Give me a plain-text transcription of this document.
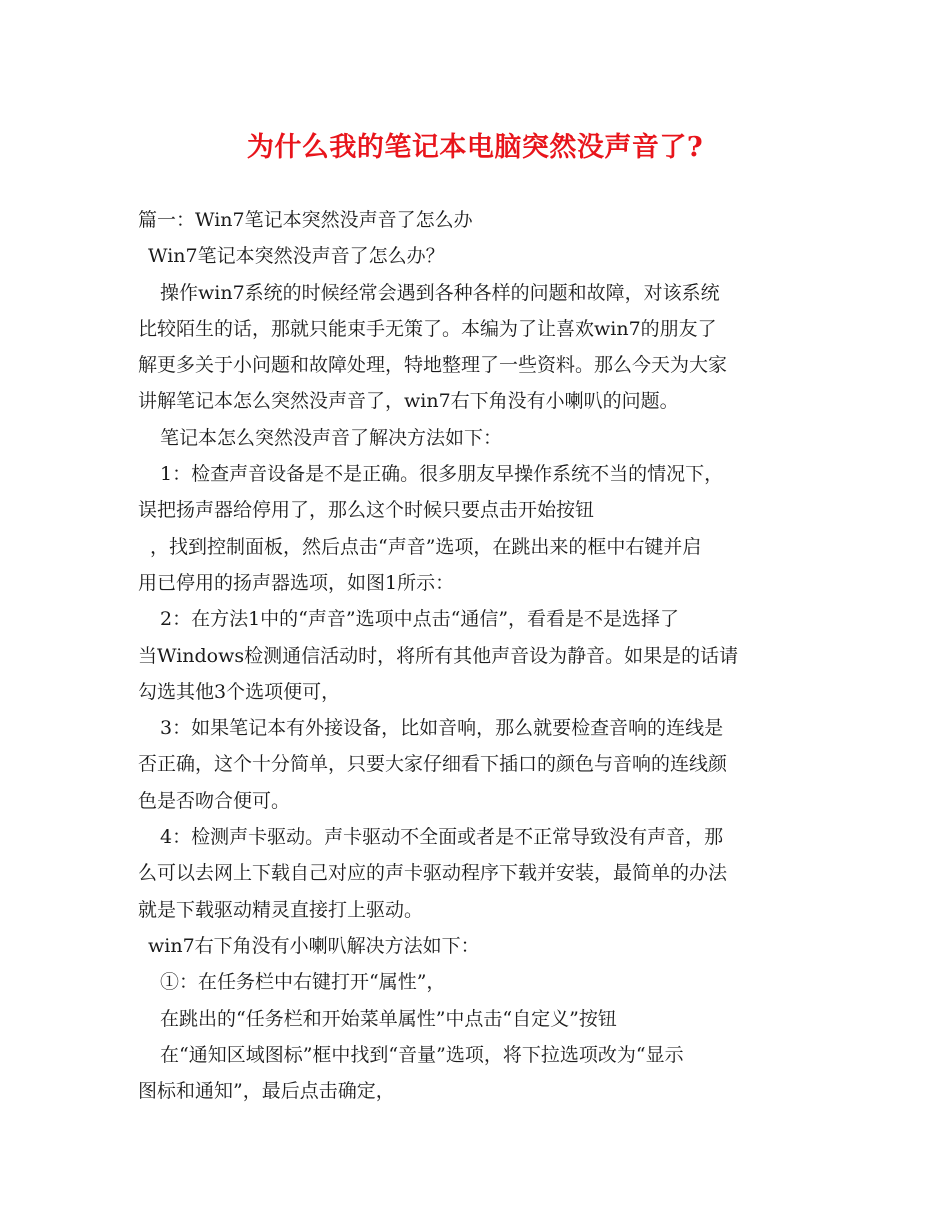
为什么我的笔记本电脑突然没声音了?
篇一：Win7笔记本突然没声音了怎么办
Win7笔记本突然没声音了怎么办？
操作win7系统的时候经常会遇到各种各样的问题和故障，对该系统
比较陌生的话，那就只能束手无策了。本编为了让喜欢win7的朋友了
解更多关于小问题和故障处理，特地整理了一些资料。那么今天为大家
讲解笔记本怎么突然没声音了，win7右下角没有小喇叭的问题。
笔记本怎么突然没声音了解决方法如下：
1：检查声音设备是不是正确。很多朋友早操作系统不当的情况下，
误把扬声器给停用了，那么这个时候只要点击开始按钮
，找到控制面板，然后点击“声音”选项，在跳出来的框中右键并启
用已停用的扬声器选项，如图1所示：
2：在方法1中的“声音”选项中点击“通信”，看看是不是选择了
当Windows检测通信活动时，将所有其他声音设为静音。如果是的话请
勾选其他3个选项便可，
3：如果笔记本有外接设备，比如音响，那么就要检查音响的连线是
否正确，这个十分简单，只要大家仔细看下插口的颜色与音响的连线颜
色是否吻合便可。
4：检测声卡驱动。声卡驱动不全面或者是不正常导致没有声音，那
么可以去网上下载自己对应的声卡驱动程序下载并安装，最简单的办法
就是下载驱动精灵直接打上驱动。
win7右下角没有小喇叭解决方法如下：
①：在任务栏中右键打开“属性”，
在跳出的“任务栏和开始菜单属性”中点击“自定义”按钮
在“通知区域图标”框中找到“音量”选项，将下拉选项改为“显示
图标和通知”，最后点击确定，
